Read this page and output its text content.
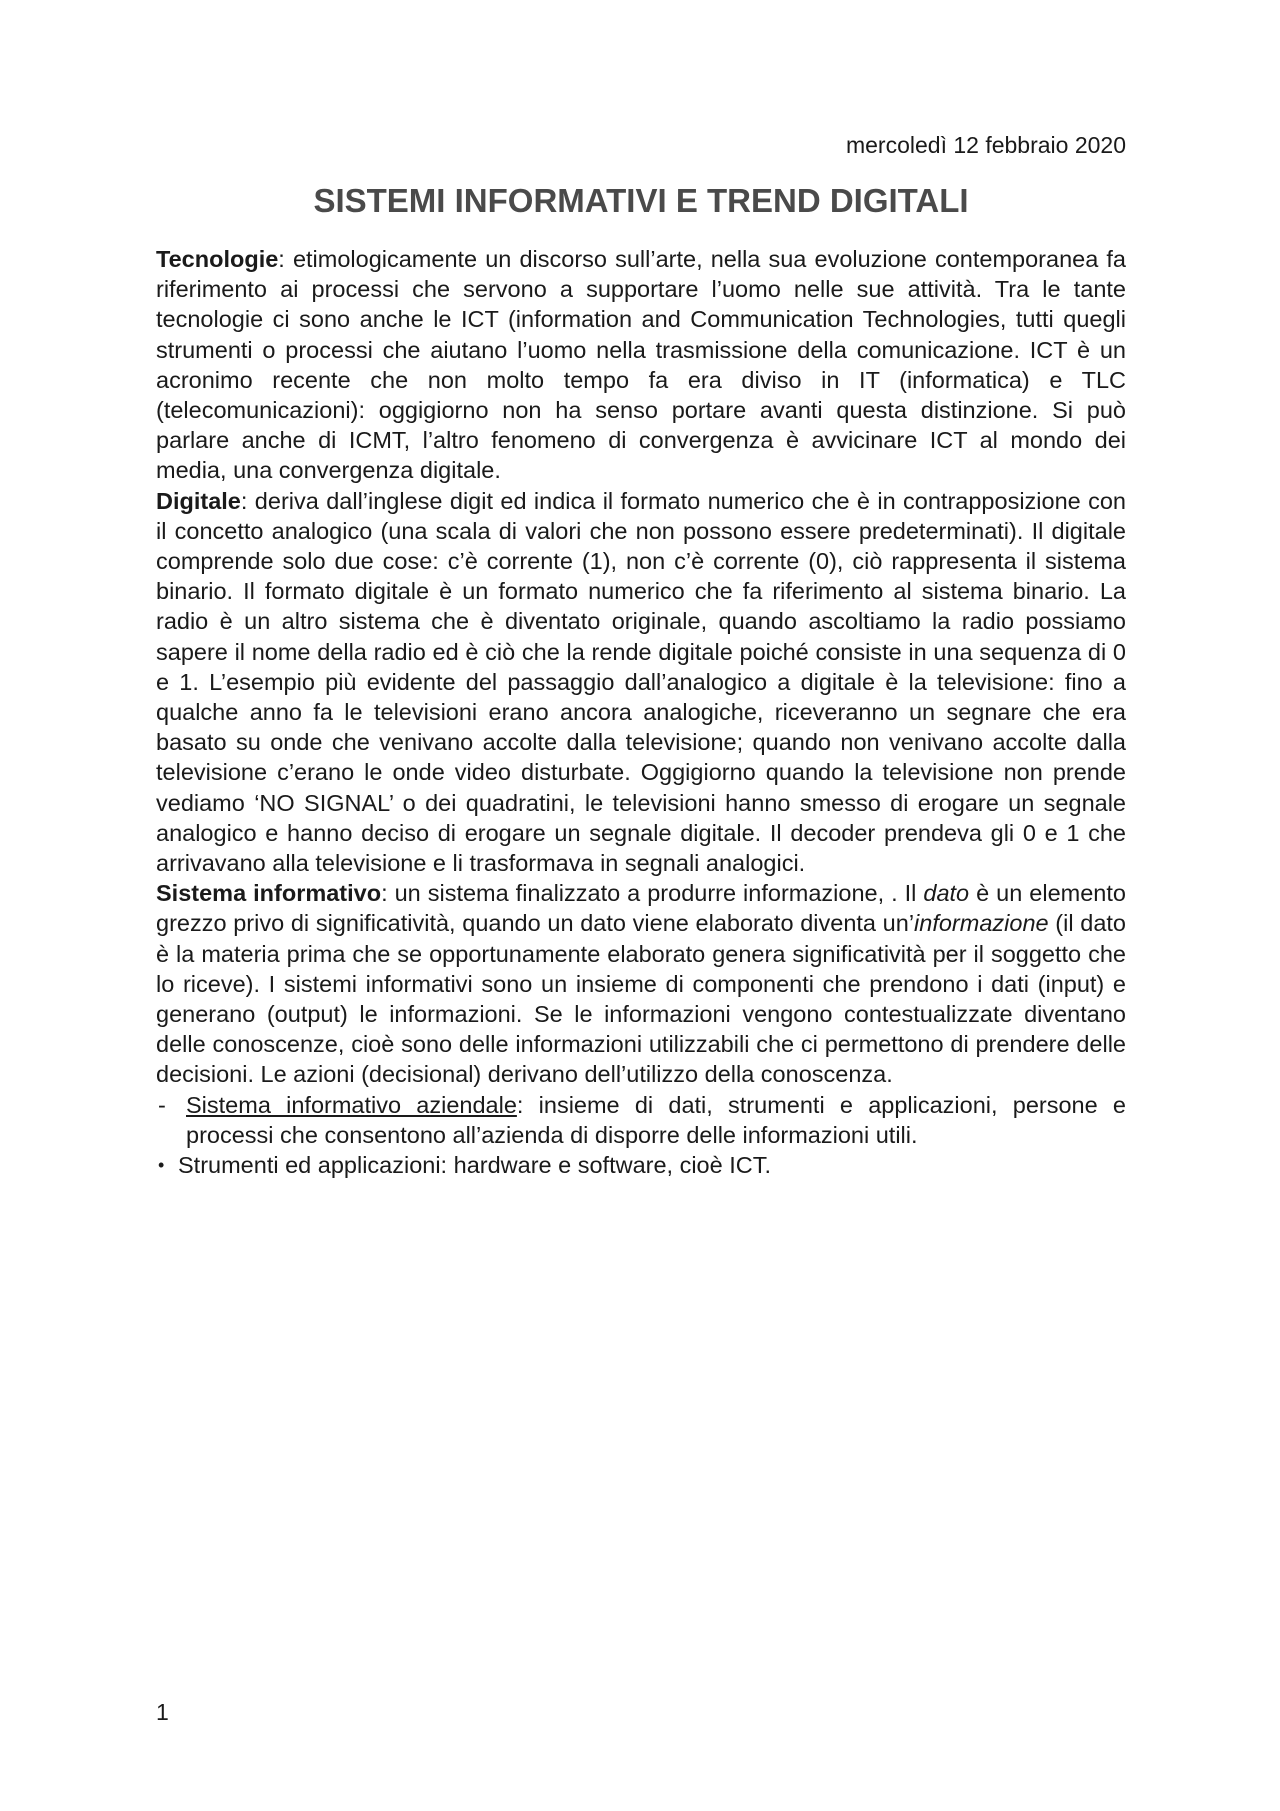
mercoledì 12 febbraio 2020
SISTEMI INFORMATIVI E TREND DIGITALI

Tecnologie: etimologicamente un discorso sull’arte, nella sua evoluzione contemporanea fa riferimento ai processi che servono a supportare l’uomo nelle sue attività. Tra le tante tecnologie ci sono anche le ICT (information and Communication Technologies, tutti quegli strumenti o processi che aiutano l’uomo nella trasmissione della comunicazione. ICT è un acronimo recente che non molto tempo fa era diviso in IT (informatica) e TLC (telecomunicazioni): oggigiorno non ha senso portare avanti questa distinzione. Si può parlare anche di ICMT, l’altro fenomeno di convergenza è avvicinare ICT al mondo dei media, una convergenza digitale.

Digitale: deriva dall’inglese digit ed indica il formato numerico che è in contrapposizione con il concetto analogico (una scala di valori che non possono essere predeterminati). Il digitale comprende solo due cose: c’è corrente (1), non c’è corrente (0), ciò rappresenta il sistema binario. Il formato digitale è un formato numerico che fa riferimento al sistema binario. La radio è un altro sistema che è diventato originale, quando ascoltiamo la radio possiamo sapere il nome della radio ed è ciò che la rende digitale poiché consiste in una sequenza di 0 e 1. L’esempio più evidente del passaggio dall’analogico a digitale è la televisione: fino a qualche anno fa le televisioni erano ancora analogiche, riceveranno un segnare che era basato su onde che venivano accolte dalla televisione; quando non venivano accolte dalla televisione c’erano le onde video disturbate. Oggigiorno quando la televisione non prende vediamo ‘NO SIGNAL’ o dei quadratini, le televisioni hanno smesso di erogare un segnale analogico e hanno deciso di erogare un segnale digitale. Il decoder prendeva gli 0 e 1 che arrivavano alla televisione e li trasformava in segnali analogici.

Sistema informativo: un sistema finalizzato a produrre informazione, . Il dato è un elemento grezzo privo di significatività, quando un dato viene elaborato diventa un’informazione (il dato è la materia prima che se opportunamente elaborato genera significatività per il soggetto che lo riceve). I sistemi informativi sono un insieme di componenti che prendono i dati (input) e generano (output) le informazioni. Se le informazioni vengono contestualizzate diventano delle conoscenze, cioè sono delle informazioni utilizzabili che ci permettono di prendere delle decisioni. Le azioni (decisional) derivano dell’utilizzo della conoscenza.

- Sistema informativo aziendale: insieme di dati, strumenti e applicazioni, persone e processi che consentono all’azienda di disporre delle informazioni utili.
• Strumenti ed applicazioni: hardware e software, cioè ICT.
1
